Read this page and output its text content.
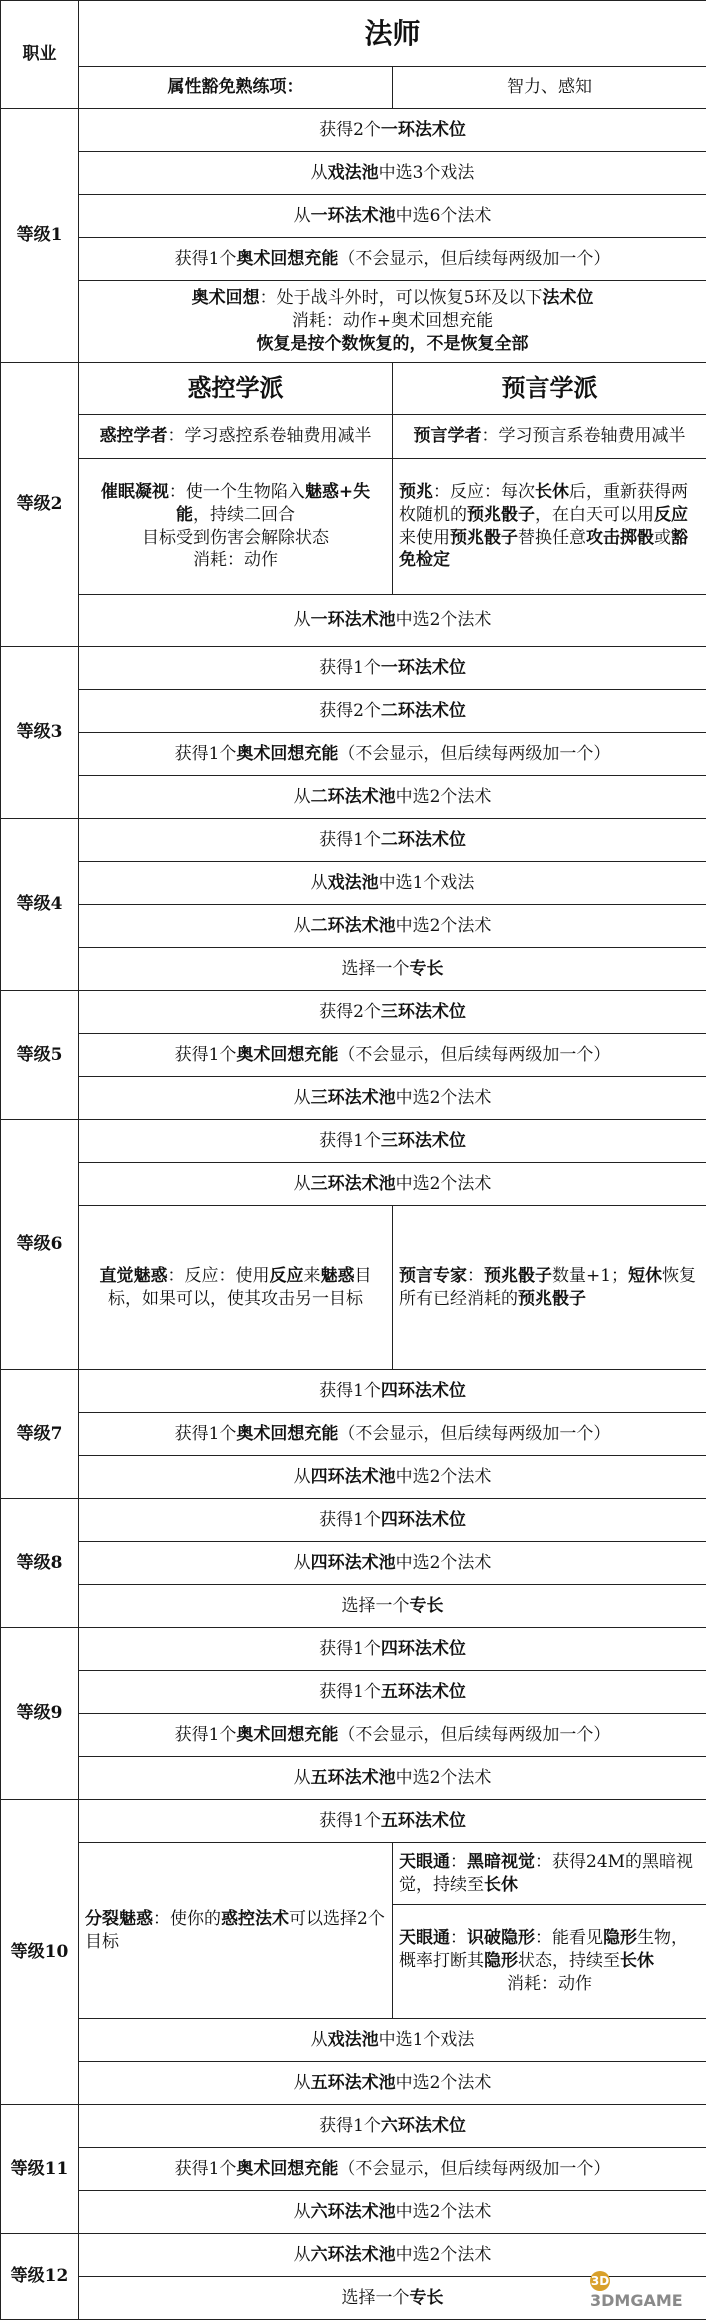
职业	法师	
	属性豁免熟练项：	智力、感知
等级1	获得2个一环法术位	
	从戏法池中选3个戏法	
	从一环法术池中选6个法术	
	获得1个奥术回想充能（不会显示，但后续每两级加一个）	

	奥术回想：处于战斗外时，可以恢复5环及以下法术位
消耗：动作+奥术回想充能
恢复是按个数恢复的，不是恢复全部	

等级2	惑控学派	预言学派
	惑控学者：学习惑控系卷轴费用减半	预言学者：学习预言系卷轴费用减半

	催眠凝视：使一个生物陷入魅惑+失能，持续二回合
目标受到伤害会解除状态
消耗：动作	预兆：反应：每次长休后，重新获得两枚随机的预兆骰子，在白天可以用反应来使用预兆骰子替换任意攻击掷骰或豁免检定
	从一环法术池中选2个法术	
等级3	获得1个一环法术位	
	获得2个二环法术位	
	获得1个奥术回想充能（不会显示，但后续每两级加一个）	
	从二环法术池中选2个法术	
等级4	获得1个二环法术位	
	从戏法池中选1个戏法	
	从二环法术池中选2个法术	
	选择一个专长	
等级5	获得2个三环法术位	
	获得1个奥术回想充能（不会显示，但后续每两级加一个）	
	从三环法术池中选2个法术	
等级6	获得1个三环法术位	
	从三环法术池中选2个法术	
	直觉魅惑：反应：使用反应来魅惑目标，如果可以，使其攻击另一目标	预言专家：预兆骰子数量+1；短休恢复所有已经消耗的预兆骰子
等级7	获得1个四环法术位	
	获得1个奥术回想充能（不会显示，但后续每两级加一个）	
	从四环法术池中选2个法术	
等级8	获得1个四环法术位	
	从四环法术池中选2个法术	
	选择一个专长	
等级9	获得1个四环法术位	
	获得1个五环法术位	
	获得1个奥术回想充能（不会显示，但后续每两级加一个）	
	从五环法术池中选2个法术	
等级10	获得1个五环法术位	
	分裂魅惑：使你的惑控法术可以选择2个目标	天眼通：黑暗视觉：获得24M的黑暗视觉，持续至长休
		天眼通：识破隐形：能看见隐形生物，概率打断其隐形状态，持续至长休
消耗：动作

	从戏法池中选1个戏法	
	从五环法术池中选2个法术	
等级11	获得1个六环法术位	
	获得1个奥术回想充能（不会显示，但后续每两级加一个）	
	从六环法术池中选2个法术	
等级12	从六环法术池中选2个法术	
	选择一个专长	
3D3DMGAME
